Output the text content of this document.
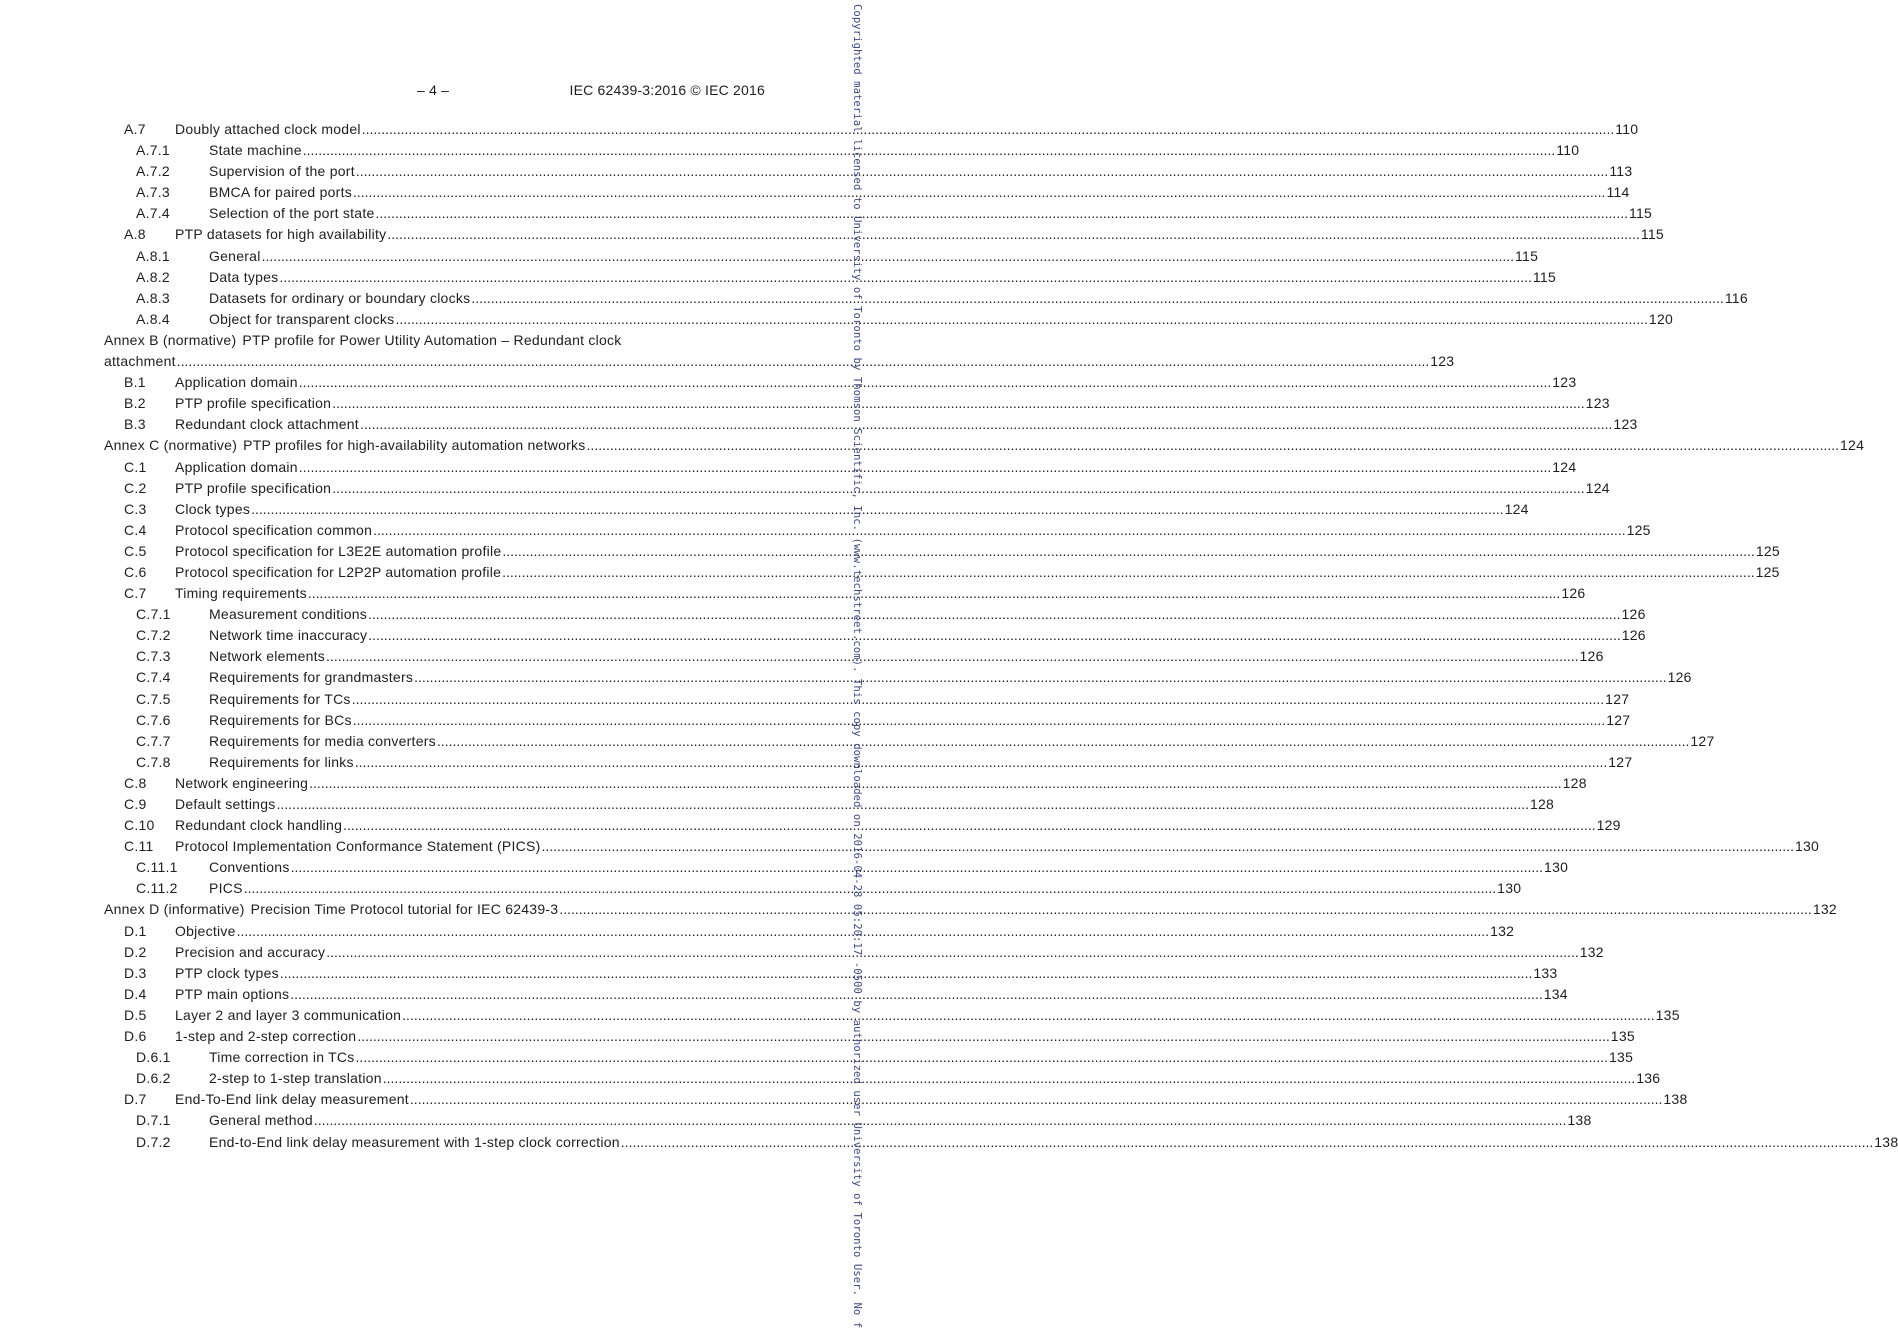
– 4 –	IEC 62439-3:2016 © IEC 2016
A.7	Doubly attached clock model .....	110
A.7.1	State machine .....	110
A.7.2	Supervision of the port .....	113
A.7.3	BMCA for paired ports .....	114
A.7.4	Selection of the port state .....	115
A.8	PTP datasets for high availability .....	115
A.8.1	General .....	115
A.8.2	Data types .....	115
A.8.3	Datasets for ordinary or boundary clocks .....	116
A.8.4	Object for transparent clocks .....	120
Annex B (normative) PTP profile for Power Utility Automation – Redundant clock
attachment .....	123
B.1	Application domain .....	123
B.2	PTP profile specification .....	123
B.3	Redundant clock attachment .....	123
Annex C (normative) PTP profiles for high-availability automation networks .....	124
C.1	Application domain .....	124
C.2	PTP profile specification .....	124
C.3	Clock types .....	124
C.4	Protocol specification common .....	125
C.5	Protocol specification for L3E2E automation profile .....	125
C.6	Protocol specification for L2P2P automation profile .....	125
C.7	Timing requirements .....	126
C.7.1	Measurement conditions .....	126
C.7.2	Network time inaccuracy .....	126
C.7.3	Network elements .....	126
C.7.4	Requirements for grandmasters .....	126
C.7.5	Requirements for TCs .....	127
C.7.6	Requirements for BCs .....	127
C.7.7	Requirements for media converters .....	127
C.7.8	Requirements for links .....	127
C.8	Network engineering .....	128
C.9	Default settings .....	128
C.10	Redundant clock handling .....	129
C.11	Protocol Implementation Conformance Statement (PICS) .....	130
C.11.1	Conventions .....	130
C.11.2	PICS .....	130
Annex D (informative) Precision Time Protocol tutorial for IEC 62439-3 .....	132
D.1	Objective .....	132
D.2	Precision and accuracy .....	132
D.3	PTP clock types .....	133
D.4	PTP main options .....	134
D.5	Layer 2 and layer 3 communication .....	135
D.6	1-step and 2-step correction .....	135
D.6.1	Time correction in TCs .....	135
D.6.2	2-step to 1-step translation .....	136
D.7	End-To-End link delay measurement .....	138
D.7.1	General method .....	138
D.7.2	End-to-End link delay measurement with 1-step clock correction .....	138
Copyrighted material licensed to University of Toronto by Thomson Scientific, Inc. (www.techstreet.com). This copy downloaded on 2016-04-28 05:20:17 -0500 by authorized user University of Toronto User. No f
